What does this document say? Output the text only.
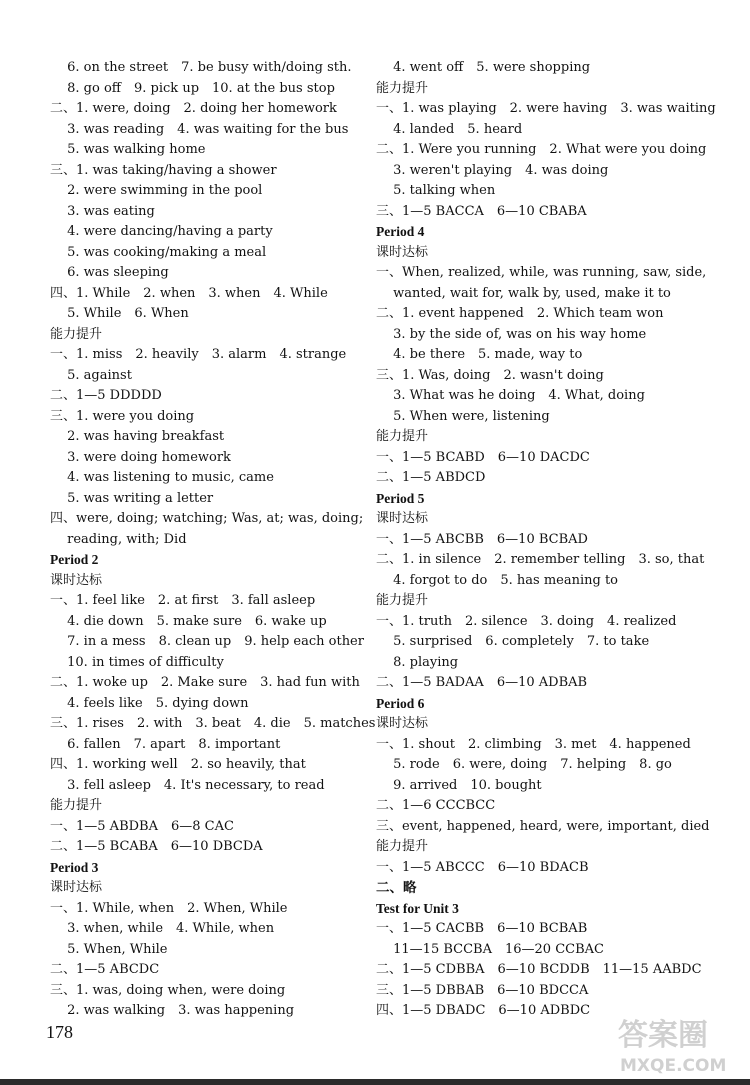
　 6. on the street　7. be busy with/doing sth.
　 8. go off　9. pick up　10. at the bus stop
二、1. were, doing　2. doing her homework
　 3. was reading　4. was waiting for the bus
　 5. was walking home
三、1. was taking/having a shower
　 2. were swimming in the pool
　 3. was eating
　 4. were dancing/having a party
　 5. was cooking/making a meal
　 6. was sleeping
四、1. While　2. when　3. when　4. While
　 5. While　6. When
能力提升
一、1. miss　2. heavily　3. alarm　4. strange
　 5. against
二、1—5 DDDDD
三、1. were you doing
　 2. was having breakfast
　 3. were doing homework
　 4. was listening to music, came
　 5. was writing a letter
四、were, doing; watching; Was, at; was, doing;
　 reading, with; Did
Period 2
课时达标
一、1. feel like　2. at first　3. fall asleep
　 4. die down　5. make sure　6. wake up
　 7. in a mess　8. clean up　9. help each other
　 10. in times of difficulty
二、1. woke up　2. Make sure　3. had fun with
　 4. feels like　5. dying down
三、1. rises　2. with　3. beat　4. die　5. matches
　 6. fallen　7. apart　8. important
四、1. working well　2. so heavily, that
　 3. fell asleep　4. It's necessary, to read
能力提升
一、1—5 ABDBA　6—8 CAC
二、1—5 BCABA　6—10 DBCDA
Period 3
课时达标
一、1. While, when　2. When, While
　 3. when, while　4. While, when
　 5. When, While
二、1—5 ABCDC
三、1. was, doing when, were doing
　 2. was walking　3. was happening
　 4. went off　5. were shopping
能力提升
一、1. was playing　2. were having　3. was waiting
　 4. landed　5. heard
二、1. Were you running　2. What were you doing
　 3. weren't playing　4. was doing
　 5. talking when
三、1—5 BACCA　6—10 CBABA
Period 4
课时达标
一、When, realized, while, was running, saw, side,
　 wanted, wait for, walk by, used, make it to
二、1. event happened　2. Which team won
　 3. by the side of, was on his way home
　 4. be there　5. made, way to
三、1. Was, doing　2. wasn't doing
　 3. What was he doing　4. What, doing
　 5. When were, listening
能力提升
一、1—5 BCABD　6—10 DACDC
二、1—5 ABDCD
Period 5
课时达标
一、1—5 ABCBB　6—10 BCBAD
二、1. in silence　2. remember telling　3. so, that
　 4. forgot to do　5. has meaning to
能力提升
一、1. truth　2. silence　3. doing　4. realized
　 5. surprised　6. completely　7. to take
　 8. playing
二、1—5 BADAA　6—10 ADBAB
Period 6
课时达标
一、1. shout　2. climbing　3. met　4. happened
　 5. rode　6. were, doing　7. helping　8. go
　 9. arrived　10. bought
二、1—6 CCCBCC
三、event, happened, heard, were, important, died
能力提升
一、1—5 ABCCC　6—10 BDACB
二、略
Test for Unit 3
一、1—5 CACBB　6—10 BCBAB
　 11—15 BCCBA　16—20 CCBAC
二、1—5 CDBBA　6—10 BCDDB　11—15 AABDC
三、1—5 DBBAB　6—10 BDCCA
四、1—5 DBADC　6—10 ADBDC
178	答案圈
MXQE.COM
